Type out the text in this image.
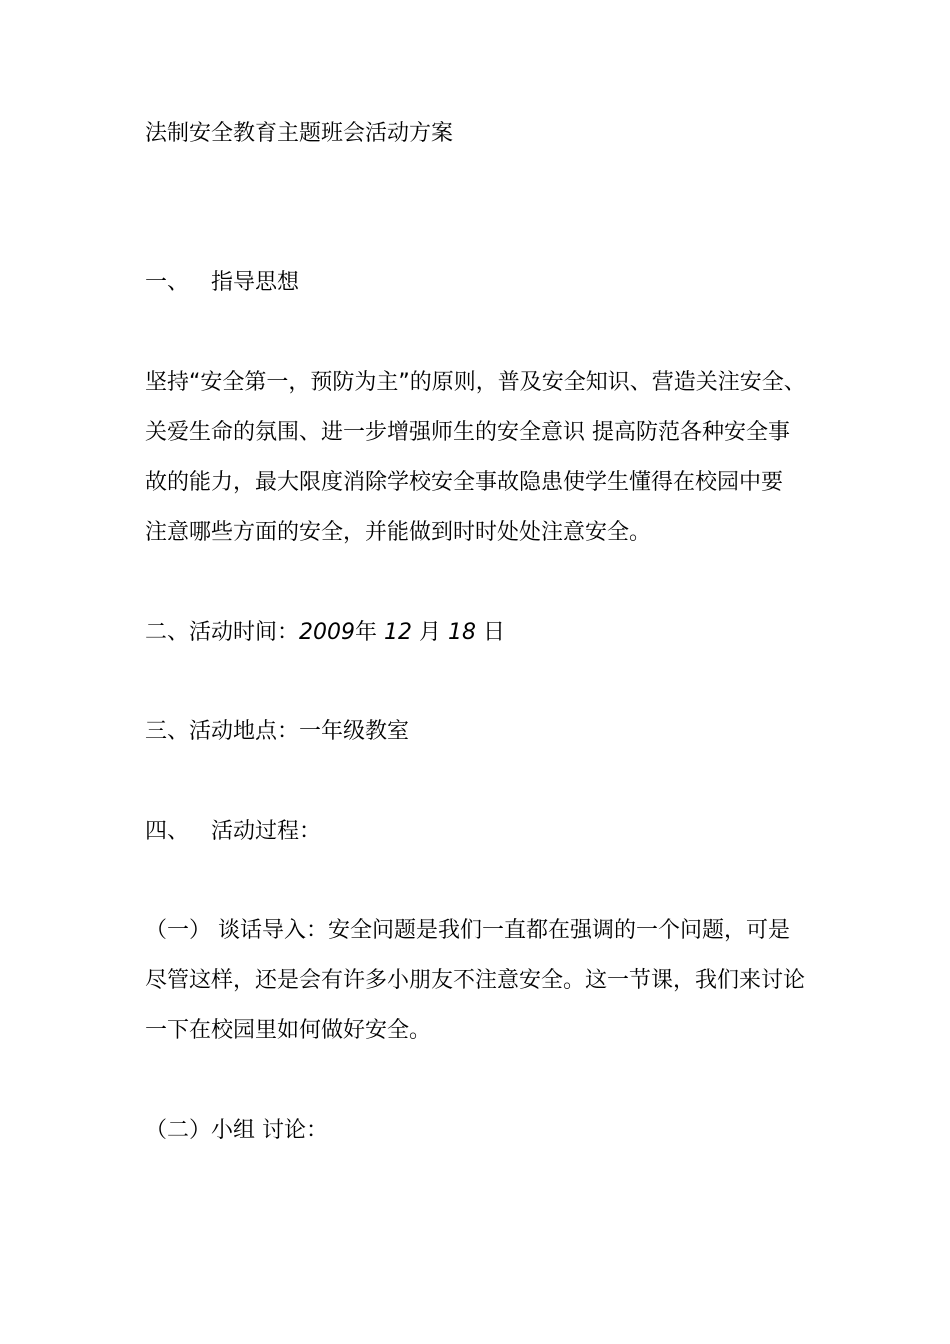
法制安全教育主题班会活动方案
一、 指导思想
坚持“安全第一，预防为主”的原则，普及安全知识、营造关注安全、
关爱生命的氛围、进一步增强师生的安全意识 提高防范各种安全事
故的能力，最大限度消除学校安全事故隐患使学生懂得在校园中要
注意哪些方面的安全，并能做到时时处处注意安全。
二、活动时间：2009年 12 月 18 日
三、活动地点：一年级教室
四、 活动过程：
（一） 谈话导入：安全问题是我们一直都在强调的一个问题，可是
尽管这样，还是会有许多小朋友不注意安全。这一节课，我们来讨论
一下在校园里如何做好安全。
（二）小组 讨论：
